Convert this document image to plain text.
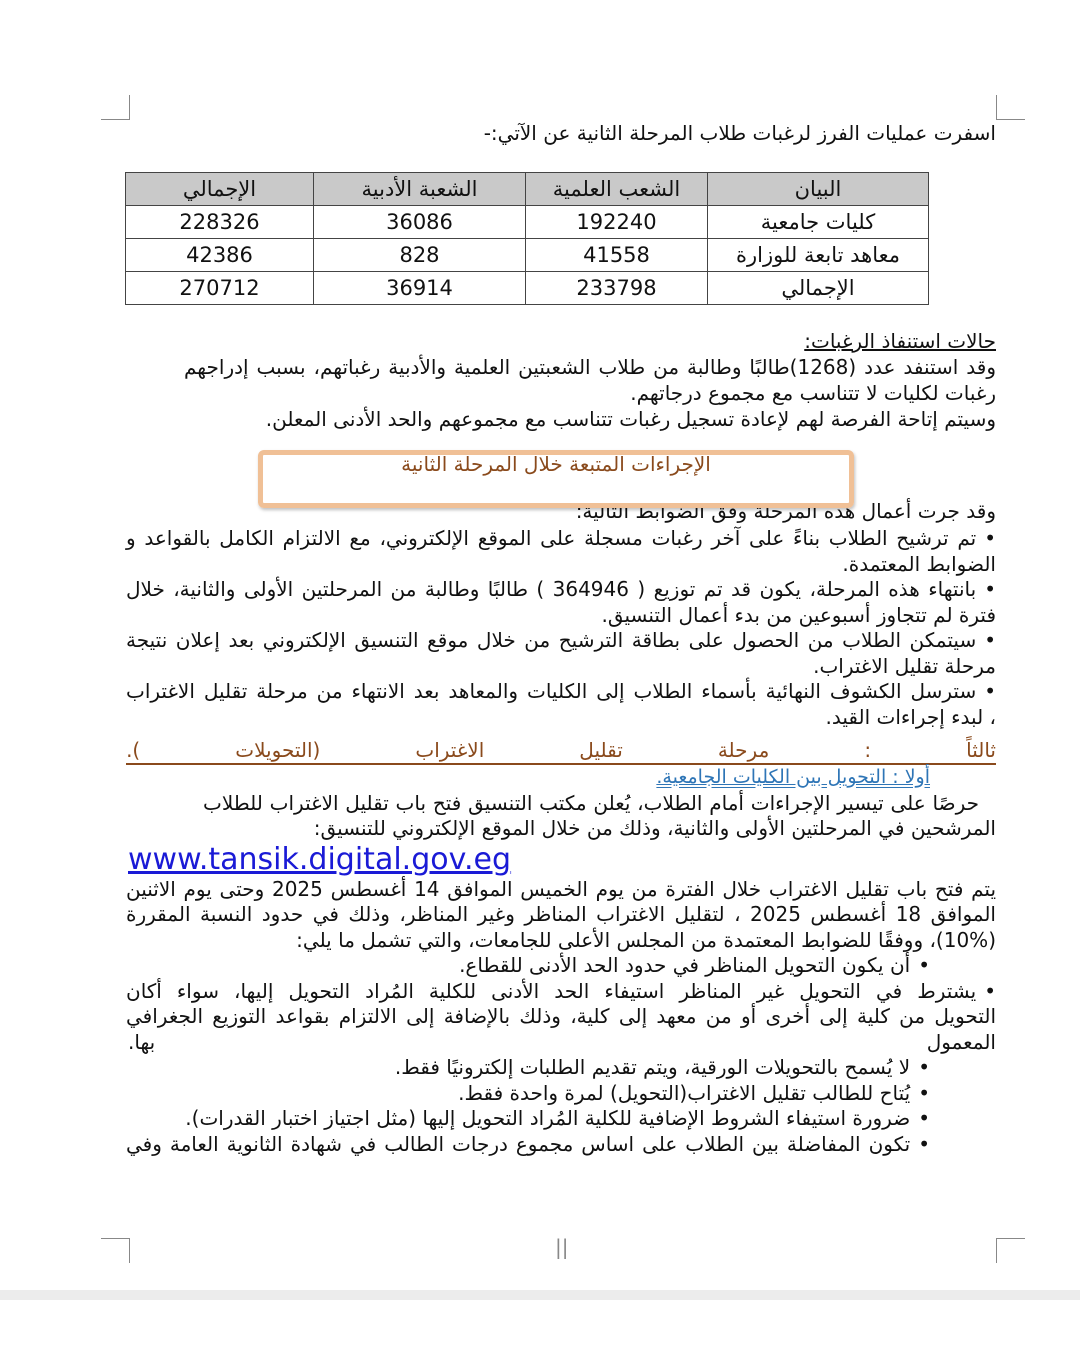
اسفرت عمليات الفرز لرغبات طلاب المرحلة الثانية عن الآتي:-
البيان	الشعب العلمية	الشعبة الأدبية	الإجمالي
كليات جامعية	192240	36086	228326
معاهد تابعة للوزارة	41558	828	42386
الإجمالي	233798	36914	270712
حالات استنفاذ الرغبات:
وقد استنفد عدد (1268)طالبًا وطالبة من طلاب الشعبتين العلمية والأدبية رغباتهم، بسبب إدراجهم
رغبات لكليات لا تتناسب مع مجموع درجاتهم.
وسيتم إتاحة الفرصة لهم لإعادة تسجيل رغبات تتناسب مع مجموعهم والحد الأدنى المعلن.
وقد جرت أعمال هذه المرحلة وفق الضوابط التالية:
الإجراءات المتبعة خلال المرحلة الثانية
•تم ترشيح الطلاب بناءً على آخر رغبات مسجلة على الموقع الإلكتروني، مع الالتزام الكامل بالقواعد و
الضوابط المعتمدة.
•بانتهاء هذه المرحلة، يكون قد تم توزيع ( 364946 ) طالبًا وطالبة من المرحلتين الأولى والثانية، خلال
فترة لم تتجاوز أسبوعين من بدء أعمال التنسيق.
•سيتمكن الطلاب من الحصول على بطاقة الترشيح من خلال موقع التنسيق الإلكتروني بعد إعلان نتيجة
مرحلة تقليل الاغتراب.
•سترسل الكشوف النهائية بأسماء الطلاب إلى الكليات والمعاهد بعد الانتهاء من مرحلة تقليل الاغتراب
، لبدء إجراءات القيد.
ثالثاً
:
مرحلة
تقليل
الاغتراب
(التحويلات
).
أولا : التحويل بين الكليات الجامعية.
حرصًا على تيسير الإجراءات أمام الطلاب، يُعلن مكتب التنسيق فتح باب تقليل الاغتراب للطلاب
المرشحين في المرحلتين الأولى والثانية، وذلك من خلال الموقع الإلكتروني للتنسيق:
www.tansik.digital.gov.eg
يتم فتح باب تقليل الاغتراب خلال الفترة من يوم الخميس الموافق 14 أغسطس 2025 وحتى يوم الاثنين
الموافق 18 أغسطس 2025 ، لتقليل الاغتراب المناظر وغير المناظر، وذلك في حدود النسبة المقررة
(10%)، ووفقًا للضوابط المعتمدة من المجلس الأعلى للجامعات، والتي تشمل ما يلي:
•أن يكون التحويل المناظر في حدود الحد الأدنى للقطاع.
•يشترط في التحويل غير المناظر استيفاء الحد الأدنى للكلية المُراد التحويل إليها، سواء أكان
التحويل من كلية إلى أخرى أو من معهد إلى كلية، وذلك بالإضافة إلى الالتزام بقواعد التوزيع الجغرافي
المعمول
بها.
•لا يُسمح بالتحويلات الورقية، ويتم تقديم الطلبات إلكترونيًا فقط.
•يُتاح للطالب تقليل الاغتراب(التحويل) لمرة واحدة فقط.
•ضرورة استيفاء الشروط الإضافية للكلية المُراد التحويل إليها (مثل اجتياز اختبار القدرات).
•تكون المفاضلة بين الطلاب على اساس مجموع درجات الطالب في شهادة الثانوية العامة وفي
||
